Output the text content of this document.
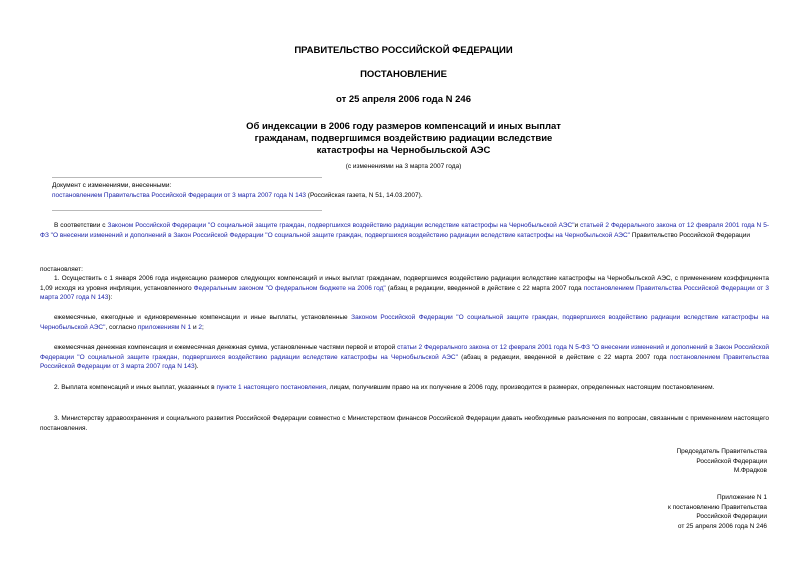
ПРАВИТЕЛЬСТВО РОССИЙСКОЙ ФЕДЕРАЦИИ
ПОСТАНОВЛЕНИЕ
от 25 апреля 2006 года N 246
Об индексации в 2006 году размеров компенсаций и иных выплат гражданам, подвергшимся воздействию радиации вследствие катастрофы на Чернобыльской АЭС
(с изменениями на 3 марта 2007 года)
Документ с изменениями, внесенными:
постановлением Правительства Российской Федерации от 3 марта 2007 года N 143 (Российская газета, N 51, 14.03.2007).
В соответствии с Законом Российской Федерации "О социальной защите граждан, подвергшихся воздействию радиации вследствие катастрофы на Чернобыльской АЭС"и статьей 2 Федерального закона от 12 февраля 2001 года N 5-ФЗ "О внесении изменений и дополнений в Закон Российской Федерации "О социальной защите граждан, подвергшихся воздействию радиации вследствие катастрофы на Чернобыльской АЭС" Правительство Российской Федерации
постановляет:
1. Осуществить с 1 января 2006 года индексацию размеров следующих компенсаций и иных выплат гражданам, подвергшимся воздействию радиации вследствие катастрофы на Чернобыльской АЭС, с применением коэффициента 1,09 исходя из уровня инфляции, установленного Федеральным законом "О федеральном бюджете на 2006 год" (абзац в редакции, введенной в действие с 22 марта 2007 года постановлением Правительства Российской Федерации от 3 марта 2007 года N 143):
ежемесячные, ежегодные и единовременные компенсации и иные выплаты, установленные Законом Российской Федерации "О социальной защите граждан, подвергшихся воздействию радиации вследствие катастрофы на Чернобыльской АЭС", согласно приложениям N 1 и 2;
ежемесячная денежная компенсация и ежемесячная денежная сумма, установленные частями первой и второй статьи 2 Федерального закона от 12 февраля 2001 года N 5-ФЗ "О внесении изменений и дополнений в Закон Российской Федерации "О социальной защите граждан, подвергшихся воздействию радиации вследствие катастрофы на Чернобыльской АЭС" (абзац в редакции, введенной в действие с 22 марта 2007 года постановлением Правительства Российской Федерации от 3 марта 2007 года N 143).
2. Выплата компенсаций и иных выплат, указанных в пункте 1 настоящего постановления, лицам, получившим право на их получение в 2006 году, производится в размерах, определенных настоящим постановлением.
3. Министерству здравоохранения и социального развития Российской Федерации совместно с Министерством финансов Российской Федерации давать необходимые разъяснения по вопросам, связанным с применением настоящего постановления.
Председатель Правительства
Российской Федерации
М.Фрадков
Приложение N 1
к постановлению Правительства
Российской Федерации
от 25 апреля 2006 года N 246
